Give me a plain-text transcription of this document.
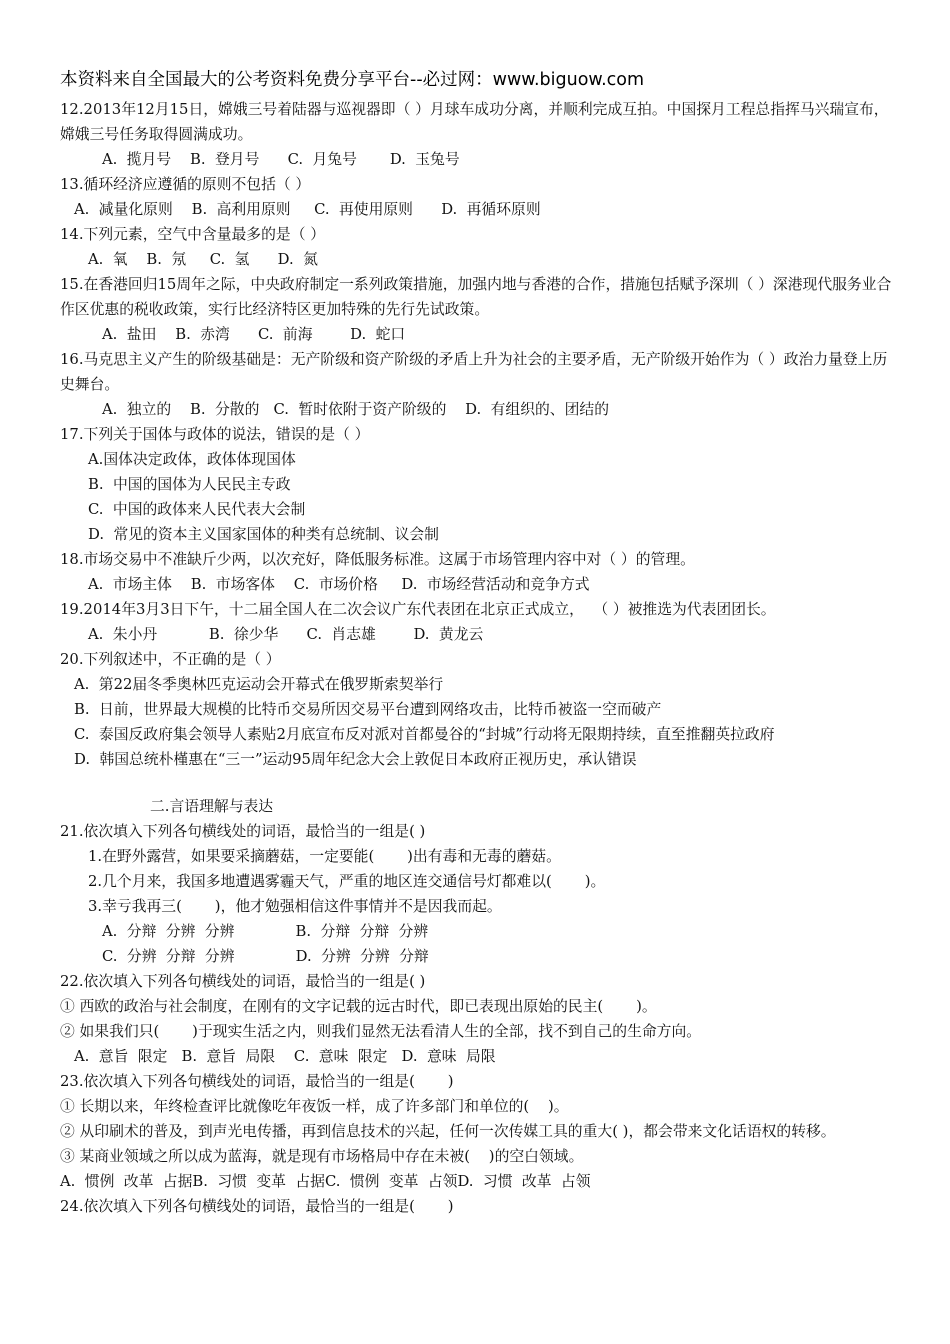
本资料来自全国最大的公考资料免费分享平台--必过网：www.biguow.com
12.2013年12月15日，嫦娥三号着陆器与巡视器即（ ）月球车成功分离，并顺利完成互拍。中国探月工程总指挥马兴瑞宣布，嫦娥三号任务取得圆满成功。
A.  揽月号    B.  登月号      C.  月兔号       D.  玉兔号
13.循环经济应遵循的原则不包括（ ）
A.  减量化原则    B.  高利用原则     C.  再使用原则      D.  再循环原则
14.下列元素，空气中含量最多的是（ ）
A.  氧    B.  氖     C.  氢      D.  氮
15.在香港回归15周年之际，中央政府制定一系列政策措施，加强内地与香港的合作，措施包括赋予深圳（ ）深港现代服务业合作区优惠的税收政策，实行比经济特区更加特殊的先行先试政策。
A.  盐田    B.  赤湾      C.  前海        D.  蛇口
16.马克思主义产生的阶级基础是：无产阶级和资产阶级的矛盾上升为社会的主要矛盾，无产阶级开始作为（ ）政治力量登上历史舞台。
A.  独立的    B.  分散的   C.  暂时依附于资产阶级的    D.  有组织的、团结的
17.下列关于国体与政体的说法，错误的是（ ）
A.国体决定政体，政体体现国体
B.  中国的国体为人民民主专政
C.  中国的政体来人民代表大会制
D.  常见的资本主义国家国体的种类有总统制、议会制
18.市场交易中不准缺斤少两，以次充好，降低服务标准。这属于市场管理内容中对（ ）的管理。
A.  市场主体    B.  市场客体    C.  市场价格     D.  市场经营活动和竞争方式
19.2014年3月3日下午，十二届全国人在二次会议广东代表团在北京正式成立，  （ ）被推选为代表团团长。
A.  朱小丹           B.  徐少华      C.  肖志雄        D.  黄龙云
20.下列叙述中，不正确的是（ ）
A.  第22届冬季奥林匹克运动会开幕式在俄罗斯索契举行
B.  日前，世界最大规模的比特币交易所因交易平台遭到网络攻击，比特币被盗一空而破产
C.  泰国反政府集会领导人素贴2月底宣布反对派对首都曼谷的“封城”行动将无限期持续，直至推翻英拉政府
D.  韩国总统朴槿惠在“三一”运动95周年纪念大会上敦促日本政府正视历史，承认错误
二.言语理解与表达
21.依次填入下列各句横线处的词语，最恰当的一组是( )
1.在野外露营，如果要采摘蘑菇，一定要能(       )出有毒和无毒的蘑菇。
2.几个月来，我国多地遭遇雾霾天气，严重的地区连交通信号灯都难以(       )。
3.幸亏我再三(       )，他才勉强相信这件事情并不是因我而起。
A.  分辩  分辨  分辨             B.  分辩  分辩  分辨
C.  分辨  分辩  分辨             D.  分辨  分辨  分辩
22.依次填入下列各句横线处的词语，最恰当的一组是( )
① 西欧的政治与社会制度，在刚有的文字记载的远古时代，即已表现出原始的民主(       )。
② 如果我们只(       )于现实生活之内，则我们显然无法看清人生的全部，找不到自己的生命方向。
A.  意旨  限定   B.  意旨  局限    C.  意味  限定   D.  意味  局限
23.依次填入下列各句横线处的词语，最恰当的一组是(       )
① 长期以来，年终检查评比就像吃年夜饭一样，成了许多部门和单位的(    )。
② 从印刷术的普及，到声光电传播，再到信息技术的兴起，任何一次传媒工具的重大( )，都会带来文化话语权的转移。
③ 某商业领域之所以成为蓝海，就是现有市场格局中存在未被(    )的空白领域。
A.  惯例  改革  占据B.  习惯  变革  占据C.  惯例  变革  占领D.  习惯  改革  占领
24.依次填入下列各句横线处的词语，最恰当的一组是(       )
